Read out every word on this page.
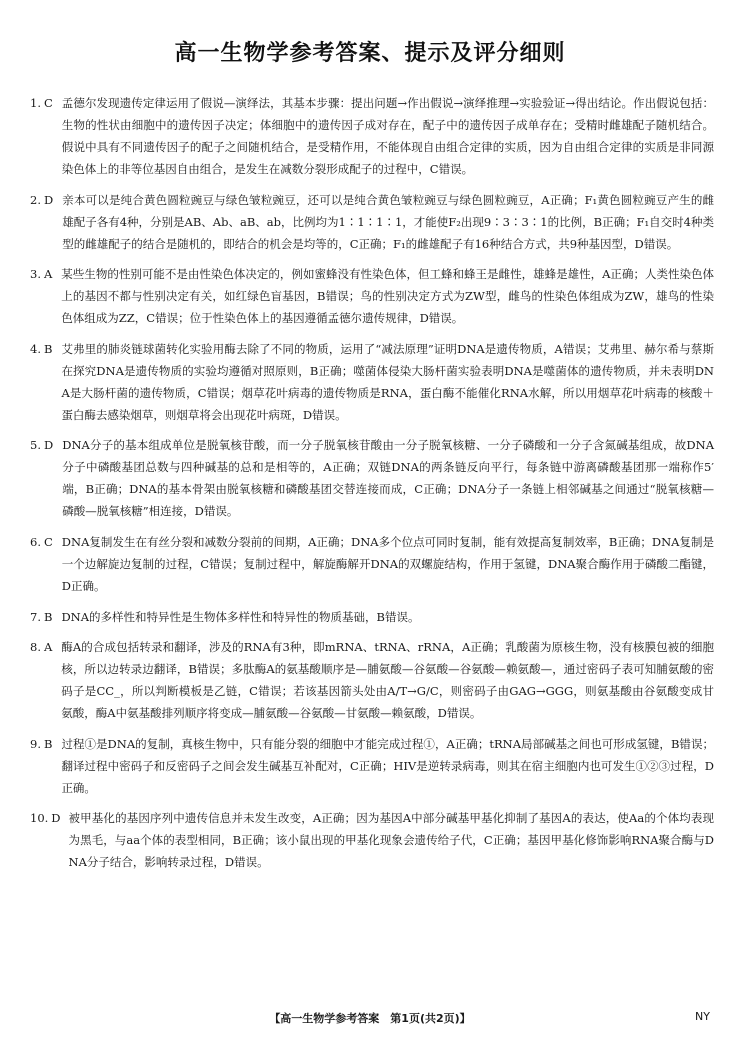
高一生物学参考答案、提示及评分细则
1. C 孟德尔发现遗传定律运用了假说—演绎法，其基本步骤：提出问题→作出假说→演绎推理→实验验证→得出结论。作出假说包括：生物的性状由细胞中的遗传因子决定；体细胞中的遗传因子成对存在，配子中的遗传因子成单存在；受精时雌雄配子随机结合。假说中具有不同遗传因子的配子之间随机结合，是受精作用，不能体现自由组合定律的实质，因为自由组合定律的实质是非同源染色体上的非等位基因自由组合，是发生在减数分裂形成配子的过程中，C错误。
2. D 亲本可以是纯合黄色圆粒豌豆与绿色皱粒豌豆，还可以是纯合黄色皱粒豌豆与绿色圆粒豌豆，A正确；F₁黄色圆粒豌豆产生的雌雄配子各有4种，分别是AB、Ab、aB、ab，比例均为1∶1∶1∶1，才能使F₂出现9∶3∶3∶1的比例，B正确；F₁自交时4种类型的雌雄配子的结合是随机的，即结合的机会是均等的，C正确；F₁的雌雄配子有16种结合方式，共9种基因型，D错误。
3. A 某些生物的性别可能不是由性染色体决定的，例如蜜蜂没有性染色体，但工蜂和蜂王是雌性，雄蜂是雄性，A正确；人类性染色体上的基因不都与性别决定有关，如红绿色盲基因，B错误；鸟的性别决定方式为ZW型，雌鸟的性染色体组成为ZW，雄鸟的性染色体组成为ZZ，C错误；位于性染色体上的基因遵循孟德尔遗传规律，D错误。
4. B 艾弗里的肺炎链球菌转化实验用酶去除了不同的物质，运用了“减法原理”证明DNA是遗传物质，A错误；艾弗里、赫尔希与蔡斯在探究DNA是遗传物质的实验均遵循对照原则，B正确；噬菌体侵染大肠杆菌实验表明DNA是噬菌体的遗传物质，并未表明DNA是大肠杆菌的遗传物质，C错误；烟草花叶病毒的遗传物质是RNA，蛋白酶不能催化RNA水解，所以用烟草花叶病毒的核酸＋蛋白酶去感染烟草，则烟草将会出现花叶病斑，D错误。
5. D DNA分子的基本组成单位是脱氧核苷酸，而一分子脱氧核苷酸由一分子脱氧核糖、一分子磷酸和一分子含氮碱基组成，故DNA分子中磷酸基团总数与四种碱基的总和是相等的，A正确；双链DNA的两条链反向平行，每条链中游离磷酸基团那一端称作5′端，B正确；DNA的基本骨架由脱氧核糖和磷酸基团交替连接而成，C正确；DNA分子一条链上相邻碱基之间通过“脱氧核糖—磷酸—脱氧核糖”相连接，D错误。
6. C DNA复制发生在有丝分裂和减数分裂前的间期，A正确；DNA多个位点可同时复制，能有效提高复制效率，B正确；DNA复制是一个边解旋边复制的过程，C错误；复制过程中，解旋酶解开DNA的双螺旋结构，作用于氢键，DNA聚合酶作用于磷酸二酯键，D正确。
7. B DNA的多样性和特异性是生物体多样性和特异性的物质基础，B错误。
8. A 酶A的合成包括转录和翻译，涉及的RNA有3种，即mRNA、tRNA、rRNA，A正确；乳酸菌为原核生物，没有核膜包被的细胞核，所以边转录边翻译，B错误；多肽酶A的氨基酸顺序是—脯氨酸—谷氨酸—谷氨酸—赖氨酸—，通过密码子表可知脯氨酸的密码子是CC_，所以判断模板是乙链，C错误；若该基因箭头处由A/T→G/C，则密码子由GAG→GGG，则氨基酸由谷氨酸变成甘氨酸，酶A中氨基酸排列顺序将变成—脯氨酸—谷氨酸—甘氨酸—赖氨酸，D错误。
9. B 过程①是DNA的复制，真核生物中，只有能分裂的细胞中才能完成过程①，A正确；tRNA局部碱基之间也可形成氢键，B错误；翻译过程中密码子和反密码子之间会发生碱基互补配对，C正确；HIV是逆转录病毒，则其在宿主细胞内也可发生①②③过程，D正确。
10. D 被甲基化的基因序列中遗传信息并未发生改变，A正确；因为基因A中部分碱基甲基化抑制了基因A的表达，使Aa的个体均表现为黑毛，与aa个体的表型相同，B正确；该小鼠出现的甲基化现象会遗传给子代，C正确；基因甲基化修饰影响RNA聚合酶与DNA分子结合，影响转录过程，D错误。
【高一生物学参考答案　第1页(共2页)】	NY
